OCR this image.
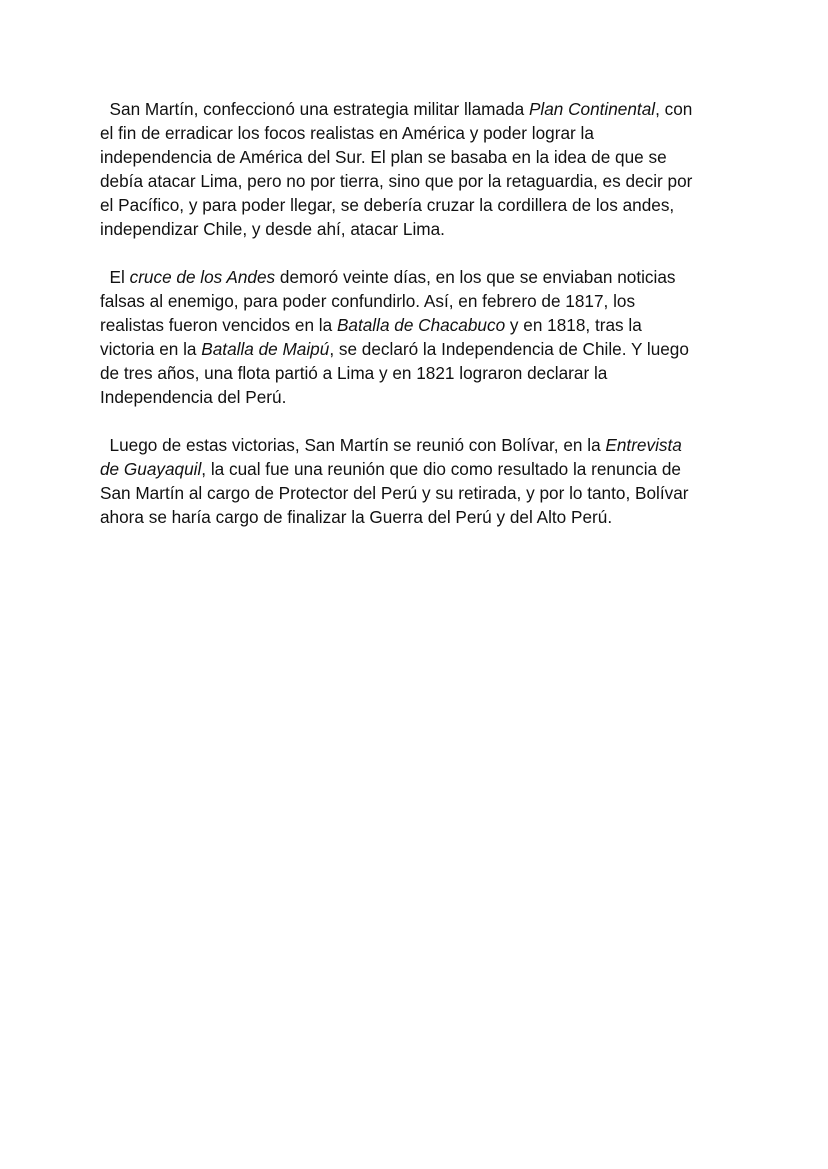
San Martín, confeccionó una estrategia militar llamada Plan Continental, con
el fin de erradicar los focos realistas en América y poder lograr la
independencia de América del Sur. El plan se basaba en la idea de que se
debía atacar Lima, pero no por tierra, sino que por la retaguardia, es decir por
el Pacífico, y para poder llegar, se debería cruzar la cordillera de los andes,
independizar Chile, y desde ahí, atacar Lima.

El cruce de los Andes demoró veinte días, en los que se enviaban noticias
falsas al enemigo, para poder confundirlo. Así, en febrero de 1817, los
realistas fueron vencidos en la Batalla de Chacabuco y en 1818, tras la
victoria en la Batalla de Maipú, se declaró la Independencia de Chile. Y luego
de tres años, una flota partió a Lima y en 1821 lograron declarar la
Independencia del Perú.

Luego de estas victorias, San Martín se reunió con Bolívar, en la Entrevista
de Guayaquil, la cual fue una reunión que dio como resultado la renuncia de
San Martín al cargo de Protector del Perú y su retirada, y por lo tanto, Bolívar
ahora se haría cargo de finalizar la Guerra del Perú y del Alto Perú.
